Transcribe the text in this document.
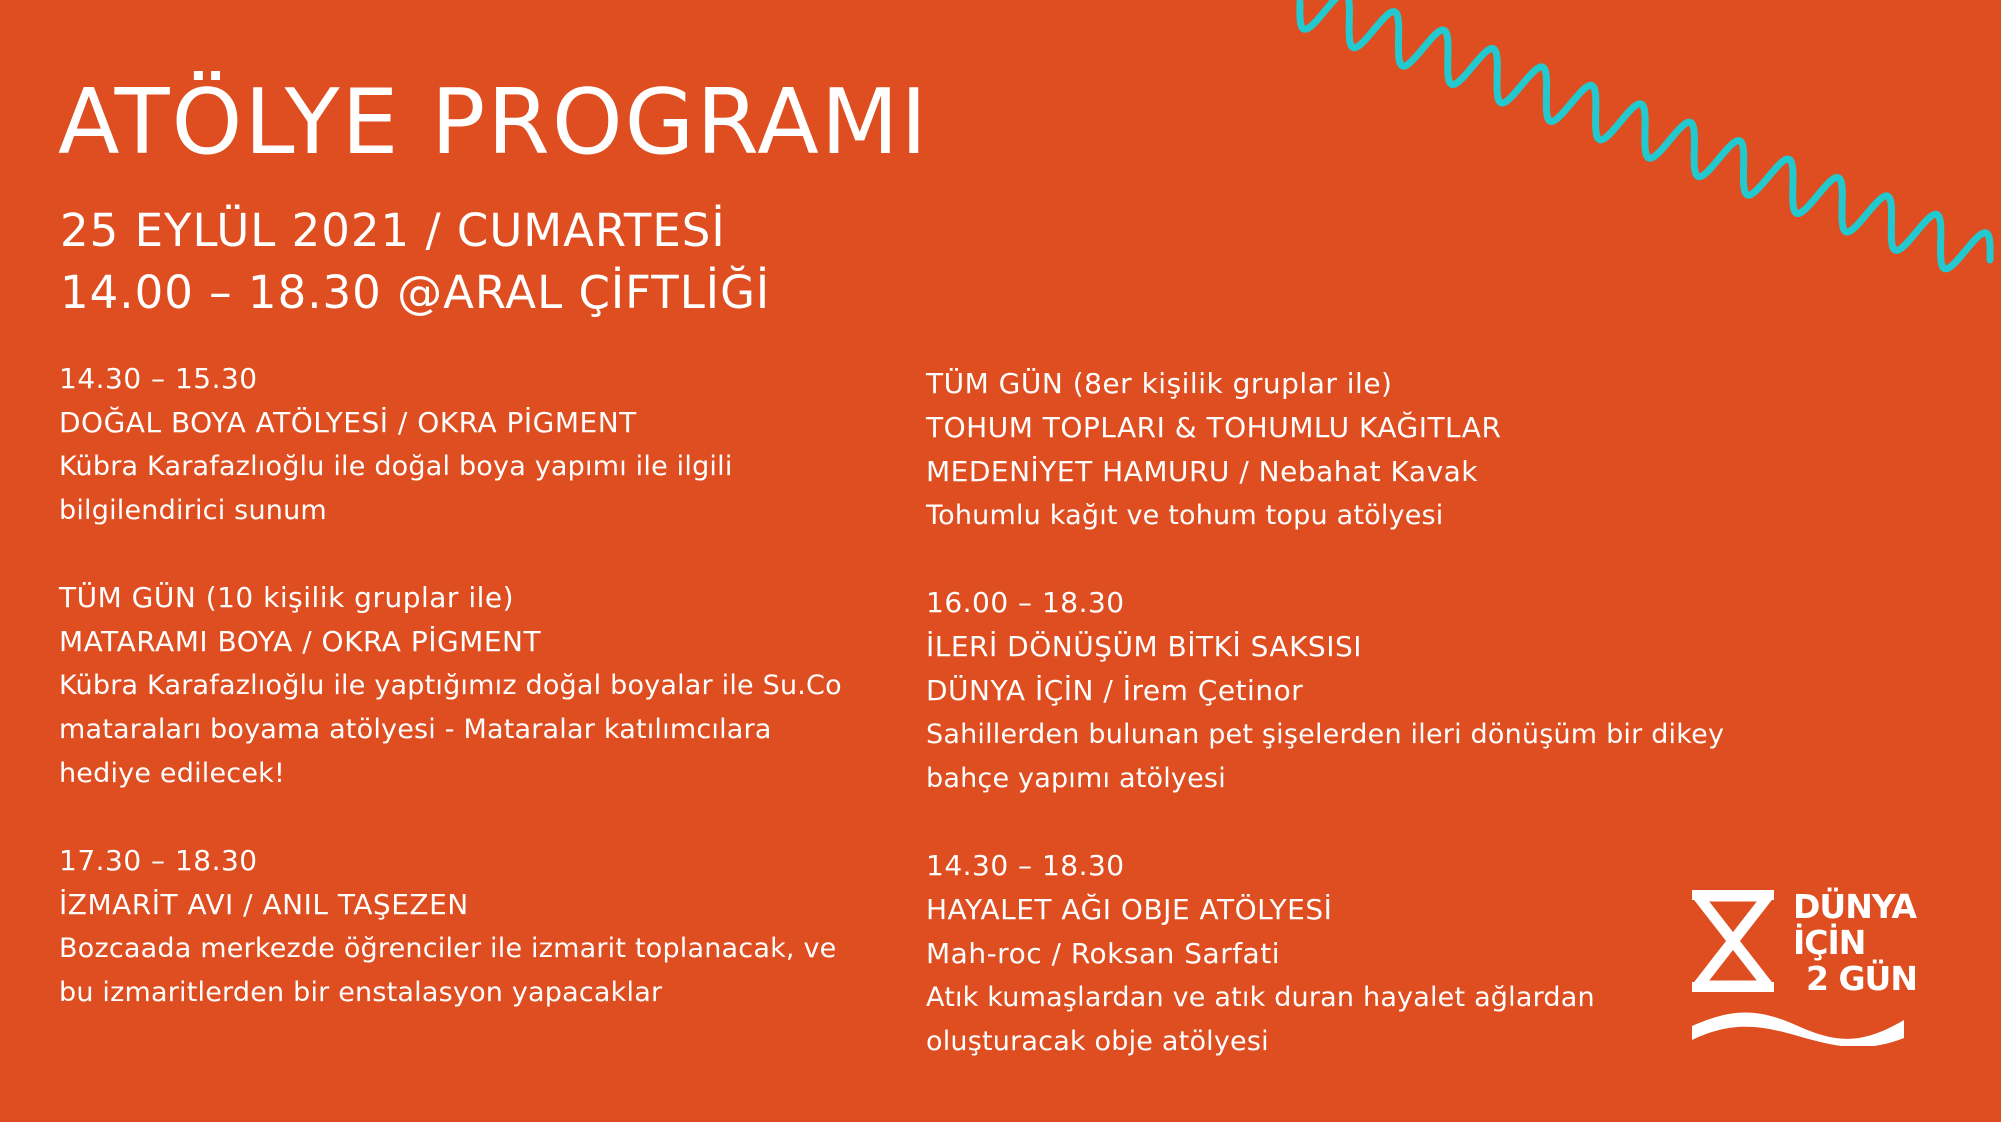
ATÖLYE PROGRAMI
25 EYLÜL 2021 / CUMARTESİ
14.00 – 18.30 @ARAL ÇİFTLİĞİ
14.30 – 15.30
DOĞAL BOYA ATÖLYESİ / OKRA PİGMENT
Kübra Karafazlıoğlu ile doğal boya yapımı ile ilgili bilgilendirici sunum
TÜM GÜN (10 kişilik gruplar ile)
MATARAMI BOYA / OKRA PİGMENT
Kübra Karafazlıoğlu ile yaptığımız doğal boyalar ile Su.Co mataraları boyama atölyesi - Mataralar katılımcılara hediye edilecek!
17.30 – 18.30
İZMARİT AVI / ANIL TAŞEZEN
Bozcaada merkezde öğrenciler ile izmarit toplanacak, ve bu izmaritlerden bir enstalasyon yapacaklar
TÜM GÜN (8er kişilik gruplar ile)
TOHUM TOPLARI & TOHUMLU KAĞITLAR
MEDENİYET HAMURU / Nebahat Kavak
Tohumlu kağıt ve tohum topu atölyesi
16.00 – 18.30
İLERİ DÖNÜŞÜM BİTKİ SAKSISI
DÜNYA İÇİN / İrem Çetinor
Sahillerden bulunan pet şişelerden ileri dönüşüm bir dikey bahçe yapımı atölyesi
14.30 – 18.30
HAYALET AĞI OBJE ATÖLYESİ
Mah-roc / Roksan Sarfati
Atık kumaşlardan ve atık duran hayalet ağlardan oluşturacak obje atölyesi
DÜNYA
İÇİN
2 GÜN
